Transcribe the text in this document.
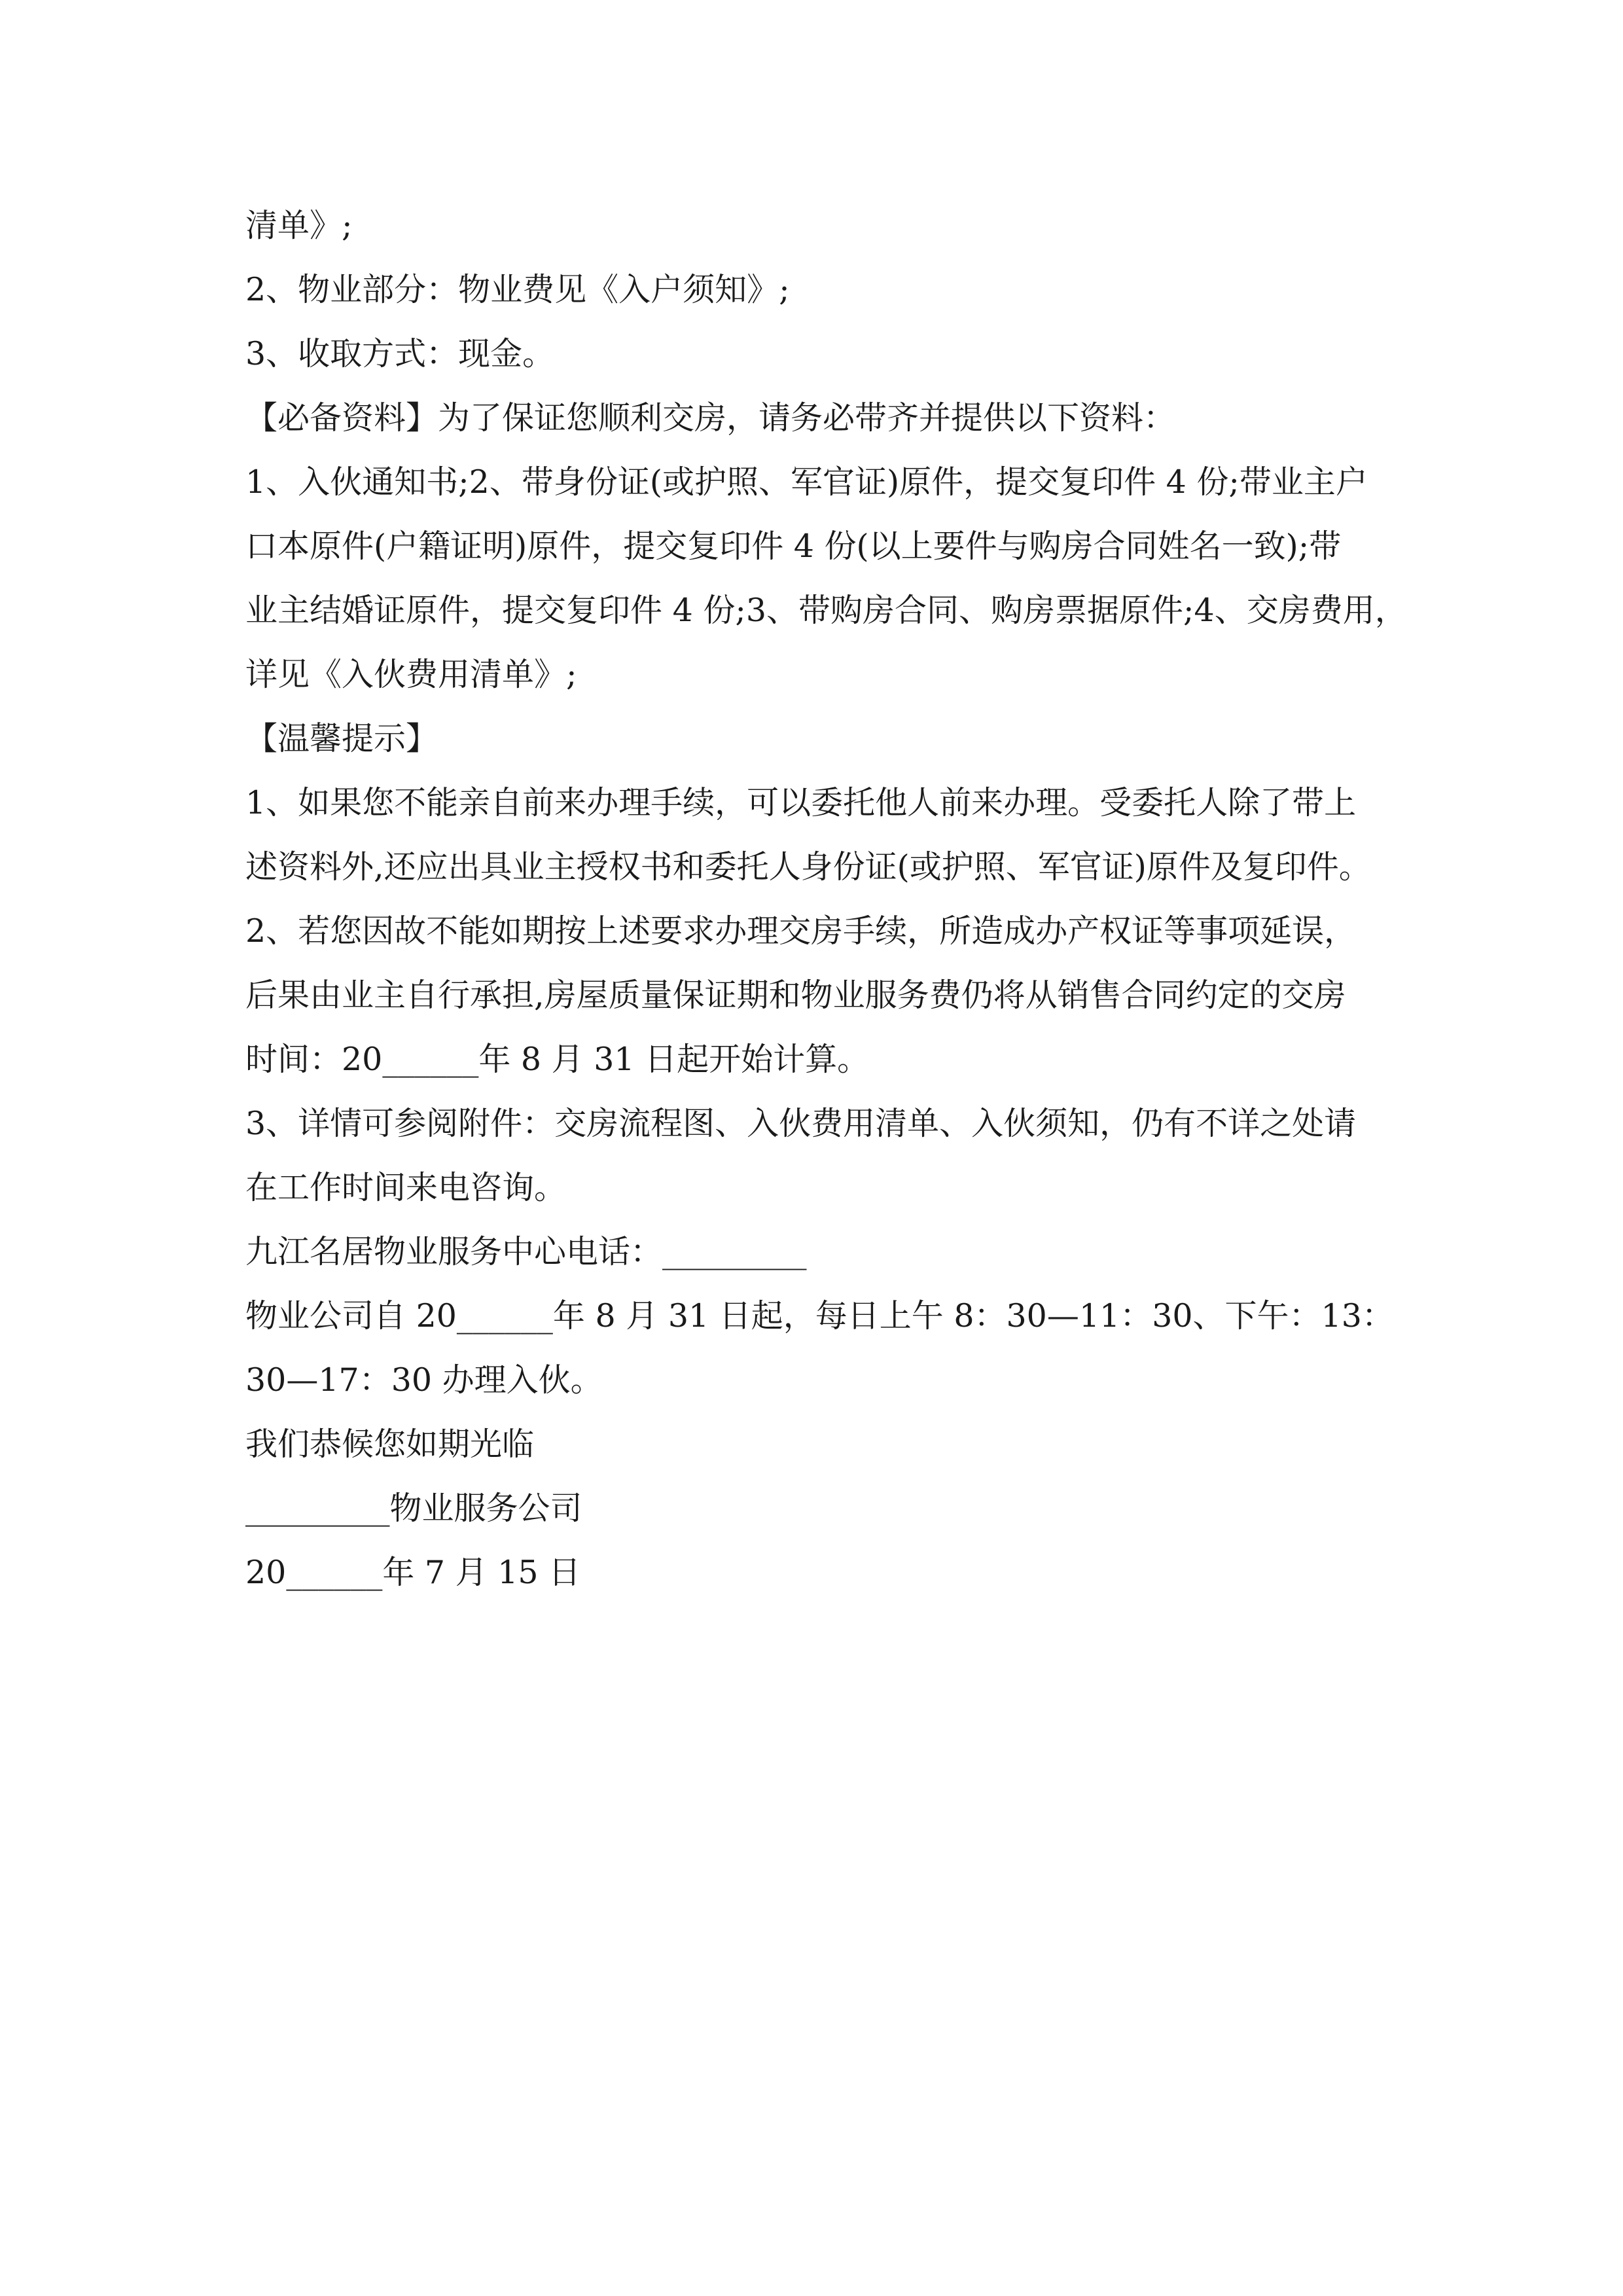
清单》;
2、物业部分：物业费见《入户须知》;
3、收取方式：现金。
【必备资料】为了保证您顺利交房，请务必带齐并提供以下资料：
1、入伙通知书;2、带身份证(或护照、军官证)原件，提交复印件 4 份;带业主户
口本原件(户籍证明)原件，提交复印件 4 份(以上要件与购房合同姓名一致);带
业主结婚证原件，提交复印件 4 份;3、带购房合同、购房票据原件;4、交房费用，
详见《入伙费用清单》;
【温馨提示】
1、如果您不能亲自前来办理手续，可以委托他人前来办理。受委托人除了带上
述资料外,还应出具业主授权书和委托人身份证(或护照、军官证)原件及复印件。
2、若您因故不能如期按上述要求办理交房手续，所造成办产权证等事项延误，
后果由业主自行承担,房屋质量保证期和物业服务费仍将从销售合同约定的交房
时间：20______年 8 月 31 日起开始计算。
3、详情可参阅附件：交房流程图、入伙费用清单、入伙须知，仍有不详之处请
在工作时间来电咨询。
九江名居物业服务中心电话：_________
物业公司自 20______年 8 月 31 日起，每日上午 8：30—11：30、下午：13：
30—17：30 办理入伙。
我们恭候您如期光临
_________物业服务公司
20______年 7 月 15 日
